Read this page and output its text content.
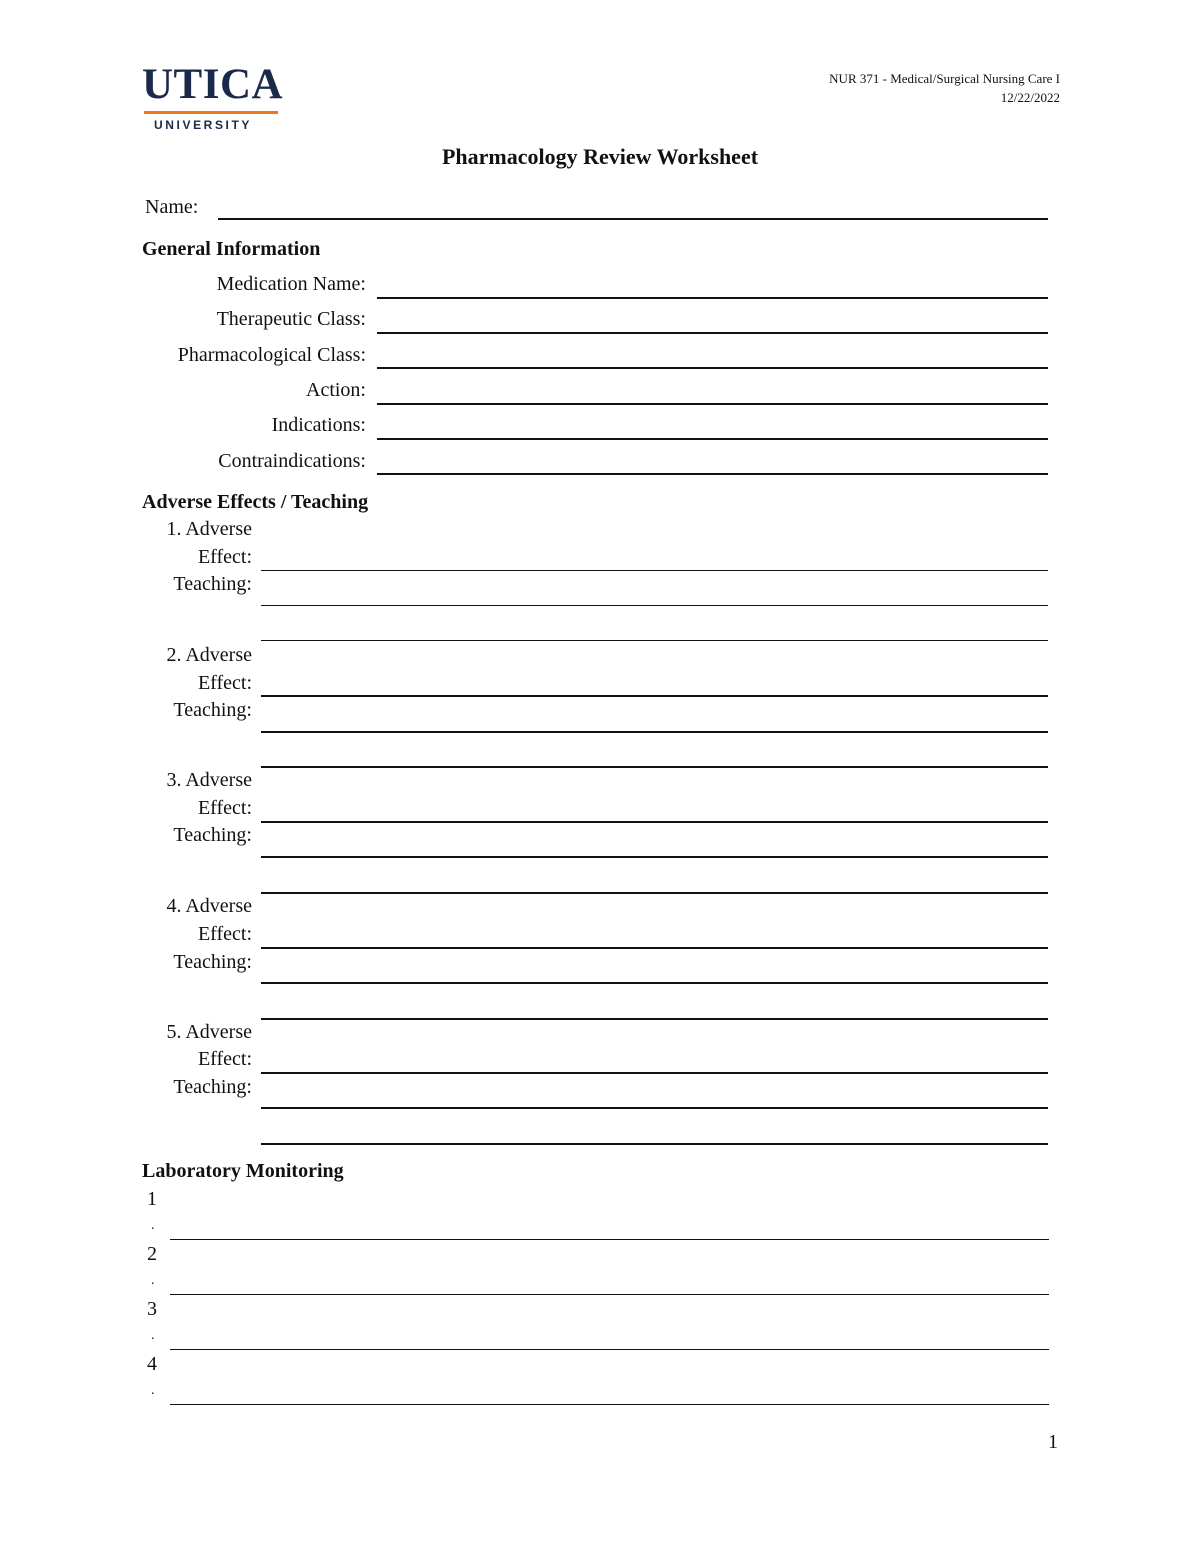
UTICA
UNIVERSITY
NUR 371 - Medical/Surgical Nursing Care I
12/22/2022
Pharmacology Review Worksheet
Name:
General Information
Medication Name:
Therapeutic Class:
Pharmacological Class:
Action:
Indications:
Contraindications:
Adverse Effects / Teaching
1. Adverse
Effect:
Teaching:
2. Adverse
Effect:
Teaching:
3. Adverse
Effect:
Teaching:
4. Adverse
Effect:
Teaching:
5. Adverse
Effect:
Teaching:
Laboratory Monitoring
1
.
2
.
3
.
4
.
1
